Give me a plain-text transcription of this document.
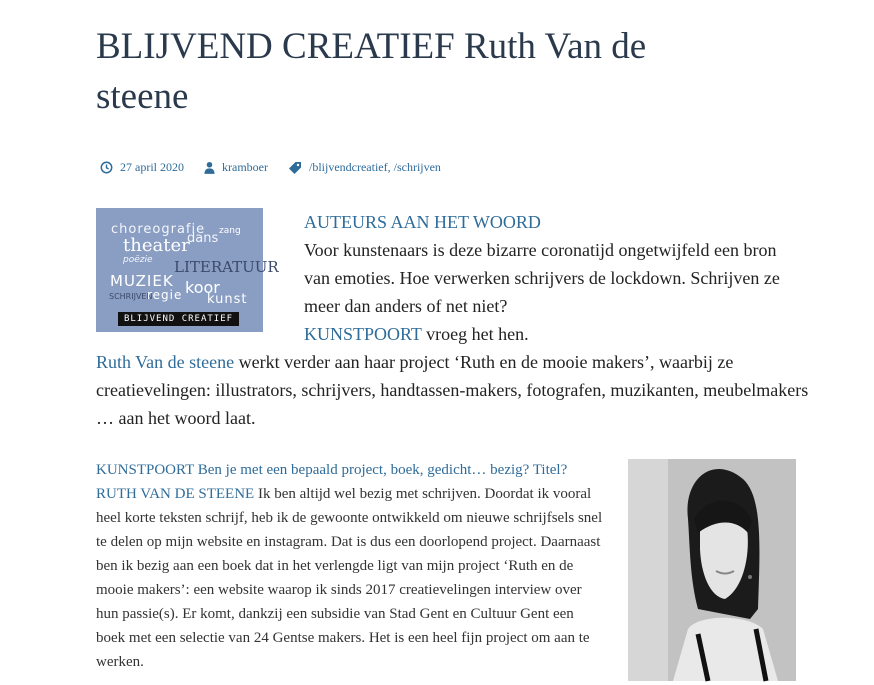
BLIJVEND CREATIEF Ruth Van de steene
27 april 2020	kramboer	/blijvendcreatief, /schrijven
choreografie zang
theater
dans
poëzie LITERATUUR
MUZIEK koor
SCHRIJVEN
regie kunst
BLIJVEND CREATIEF
AUTEURS AAN HET WOORD
Voor kunstenaars is deze bizarre coronatijd ongetwijfeld een bron van emoties. Hoe verwerken schrijvers de lockdown. Schrijven ze meer dan anders of net niet?
KUNSTPOORT vroeg het hen.
Ruth Van de steene werkt verder aan haar project ‘Ruth en de mooie makers’, waarbij ze creatievelingen: illustrators, schrijvers, handtassen-makers, fotografen, muzikanten, meubelmakers … aan het woord laat.
KUNSTPOORT Ben je met een bepaald project, boek, gedicht… bezig? Titel?
RUTH VAN DE STEENE Ik ben altijd wel bezig met schrijven. Doordat ik vooral heel korte teksten schrijf, heb ik de gewoonte ontwikkeld om nieuwe schrijfsels snel te delen op mijn website en instagram. Dat is dus een doorlopend project. Daarnaast ben ik bezig aan een boek dat in het verlengde ligt van mijn project ‘Ruth en de mooie makers’: een website waarop ik sinds 2017 creatievelingen interview over hun passie(s). Er komt, dankzij een subsidie van Stad Gent en Cultuur Gent een boek met een selectie van 24 Gentse makers. Het is een heel fijn project om aan te werken.
